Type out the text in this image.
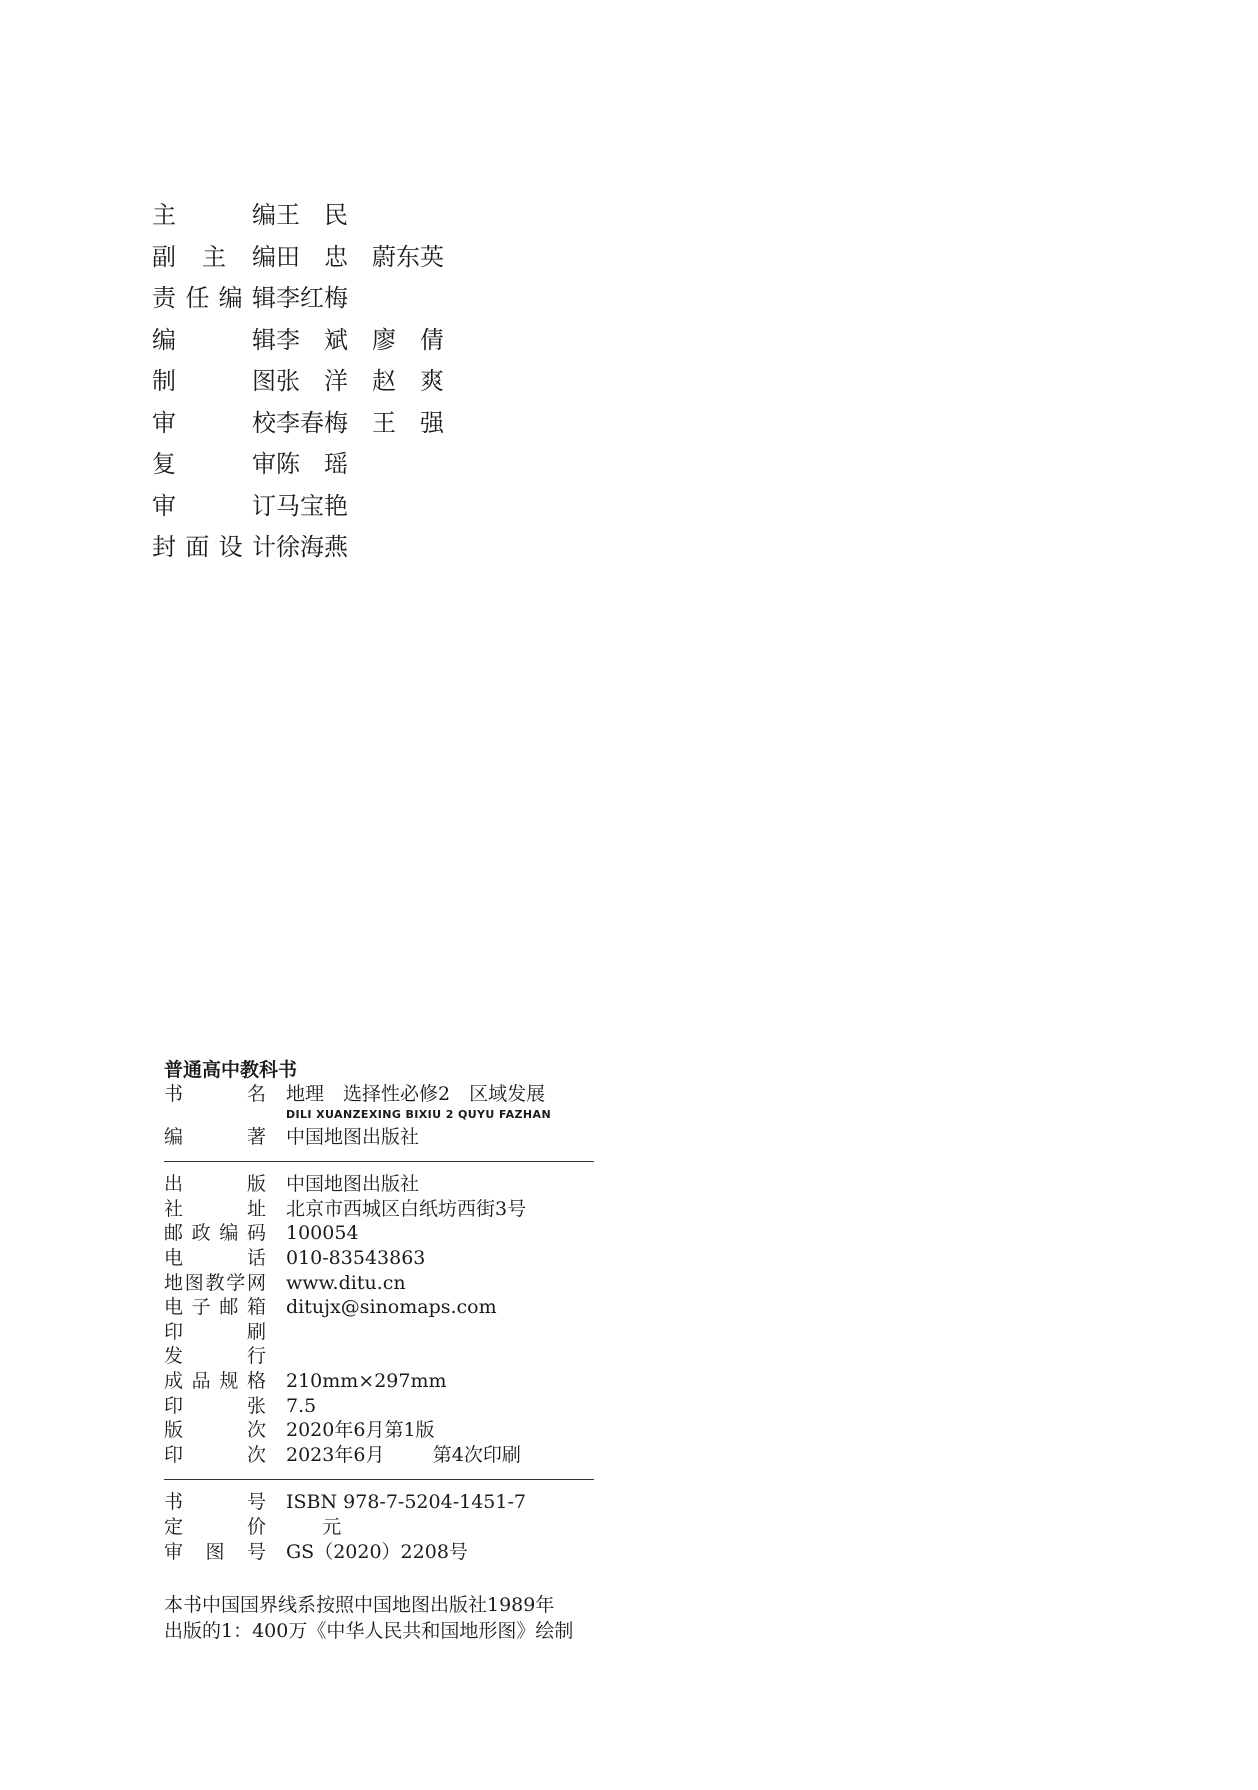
主	编 王民
副 主 编 田忠 蔚东英
责 任 编 辑 李红梅
编	辑 李斌 廖倩
制	图 张洋 赵爽
审	校 李春梅 王强
复	审 陈瑶
审	订 马宝艳
封 面 设 计 徐海燕
普通高中教科书
书	名 地理　选择性必修2　区域发展
DILI XUANZEXING BIXIU 2 QUYU FAZHAN
编	著 中国地图出版社
出	版 中国地图出版社
社	址 北京市西城区白纸坊西街3号
邮 政 编 码 100054
电	话 010-83543863
地 图 教 学 网 www.ditu.cn
电 子 邮 箱 ditujx@sinomaps.com
印	刷
发	行
成 品 规 格 210mm×297mm
印	张 7.5
版	次 2020年6月第1版
印	次 2023年6月        第4次印刷
书	号 ISBN 978-7-5204-1451-7
定	价 元
审 图 号 GS（2020）2208号
本书中国国界线系按照中国地图出版社1989年
出版的1：400万《中华人民共和国地形图》绘制
